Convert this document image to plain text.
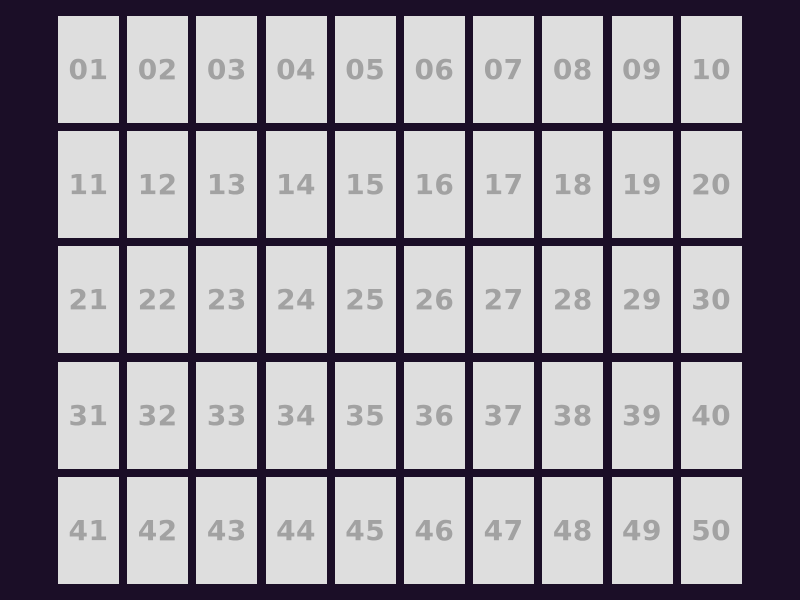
01	02	03	04	05	06	07	08	09	10
11	12	13	14	15	16	17	18	19	20
21	22	23	24	25	26	27	28	29	30
31	32	33	34	35	36	37	38	39	40
41	42	43	44	45	46	47	48	49	50
